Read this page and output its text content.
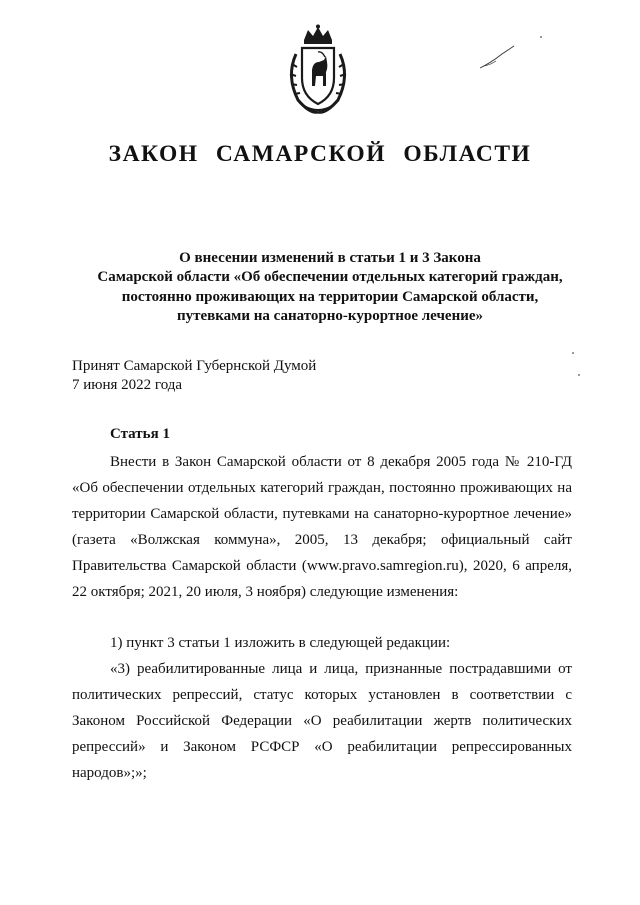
ЗАКОН САМАРСКОЙ ОБЛАСТИ
О внесении изменений в статьи 1 и 3 Закона
Самарской области «Об обеспечении отдельных категорий граждан,
постоянно проживающих на территории Самарской области,
путевками на санаторно-курортное лечение»
Принят Самарской Губернской Думой
7 июня 2022 года
Статья 1

Внести в Закон Самарской области от 8 декабря 2005 года № 210-ГД «Об обеспечении отдельных категорий граждан, постоянно проживающих на территории Самарской области, путевками на санаторно-курортное лечение» (газета «Волжская коммуна», 2005, 13 декабря; официальный сайт Правительства Самарской области (www.pravo.samregion.ru), 2020, 6 апреля, 22 октября; 2021, 20 июля, 3 ноября) следующие изменения:

1) пункт 3 статьи 1 изложить в следующей редакции:

«3) реабилитированные лица и лица, признанные пострадавшими от политических репрессий, статус которых установлен в соответствии с Законом Российской Федерации «О реабилитации жертв политических репрессий» и Законом РСФСР «О реабилитации репрессированных народов»;»;
